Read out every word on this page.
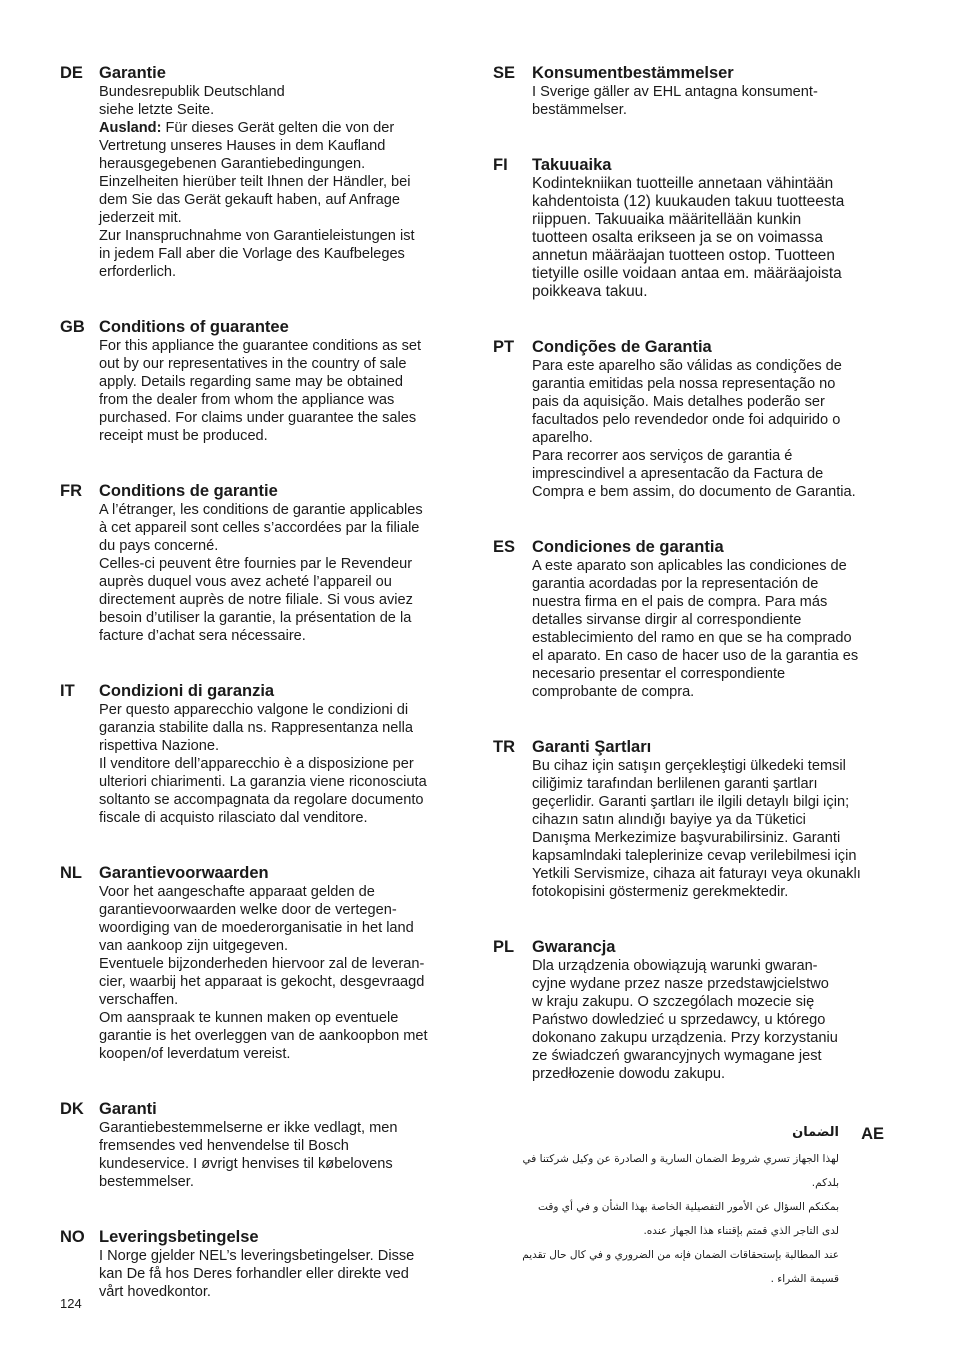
DE Garantie
Bundesrepublik Deutschland
siehe letzte Seite.
Ausland: Für dieses Gerät gelten die von der
Vertretung unseres Hauses in dem Kaufland
herausgegebenen Garantiebedingungen.
Einzelheiten hierüber teilt Ihnen der Händler, bei
dem Sie das Gerät gekauft haben, auf Anfrage
jederzeit mit.
Zur Inanspruchnahme von Garantieleistungen ist
in jedem Fall aber die Vorlage des Kaufbeleges
erforderlich.
GB Conditions of guarantee
For this appliance the guarantee conditions as set
out by our representatives in the country of sale
apply. Details regarding same may be obtained
from the dealer from whom the appliance was
purchased. For claims under guarantee the sales
receipt must be produced.
FR Conditions de garantie
A l’étranger, les conditions de garantie applicables
à cet appareil sont celles s’accordées par la filiale
du pays concerné.
Celles-ci peuvent être fournies par le Revendeur
auprès duquel vous avez acheté l’appareil ou
directement auprès de notre filiale. Si vous aviez
besoin d’utiliser la garantie, la présentation de la
facture d’achat sera nécessaire.
IT Condizioni di garanzia
Per questo apparecchio valgone le condizioni di
garanzia stabilite dalla ns. Rappresentanza nella
rispettiva Nazione.
Il venditore dell’apparecchio è a disposizione per
ulteriori chiarimenti. La garanzia viene riconosciuta
soltanto se accompagnata da regolare documento
fiscale di acquisto rilasciato dal venditore.
NL Garantievoorwaarden
Voor het aangeschafte apparaat gelden de
garantievoorwaarden welke door de vertegen-
woordiging van de moederorganisatie in het land
van aankoop zijn uitgegeven.
Eventuele bijzonderheden hiervoor zal de leveran-
cier, waarbij het apparaat is gekocht, desgevraagd
verschaffen.
Om aanspraak te kunnen maken op eventuele
garantie is het overleggen van de aankoopbon met
koopen/of leverdatum vereist.
DK Garanti
Garantiebestemmelserne er ikke vedlagt, men
fremsendes ved henvendelse til Bosch
kundeservice. I øvrigt henvises til købelovens
bestemmelser.
NO Leveringsbetingelse
I Norge gjelder NEL’s leveringsbetingelser. Disse
kan De få hos Deres forhandler eller direkte ved
vårt hovedkontor.
SE Konsumentbestämmelser
I Sverige gäller av EHL antagna konsument-
bestämmelser.
FI Takuuaika
Kodintekniikan tuotteille annetaan vähintään
kahdentoista (12) kuukauden takuu tuotteesta
riippuen. Takuuaika määritellään kunkin
tuotteen osalta erikseen ja se on voimassa
annetun määräajan tuotteen ostop. Tuotteen
tietyille osille voidaan antaa em. määräajoista
poikkeava takuu.
PT Condições de Garantia
Para este aparelho são válidas as condições de
garantia emitidas pela nossa representação no
pais da aquisição. Mais detalhes poderão ser
facultados pelo revendedor onde foi adquirido o
aparelho.
Para recorrer aos serviços de garantia é
imprescindivel a apresentacão da Factura de
Compra e bem assim, do documento de Garantia.
ES Condiciones de garantia
A este aparato son aplicables las condiciones de
garantia acordadas por la representación de
nuestra firma en el pais de compra. Para más
detalles sirvanse dirgir al correspondiente
establecimiento del ramo en que se ha comprado
el aparato. En caso de hacer uso de la garantia es
necesario presentar el correspondiente
comprobante de compra.
TR Garanti Şartları
Bu cihaz için satışın gerçekleştigi ülkedeki temsil
ciliğimiz tarafından berlilenen garanti şartları
geçerlidir. Garanti şartları ile ilgili detaylı bilgi için;
cihazın satın alındığı bayiye ya da Tüketici
Danışma Merkezimize başvurabilirsiniz. Garanti
kapsamlndaki taleplerinize cevap verilebilmesi için
Yetkili Servismize, cihaza ait faturayı veya okunaklı
fotokopisini göstermeniz gerekmektedir.
PL Gwarancja
Dla urządzenia obowiązują warunki gwaran-
cyjne wydane przez nasze przedstawjcielstwo
w kraju zakupu. O szczególach mo̵zecie się
Państwo dowledzieć u sprzedawcy, u którego
dokonano zakupu urządzenia. Przy korzystaniu
ze świadczeń gwarancyjnych wymagane jest
przedło̵zenie dowodu zakupu.
AE
الضمان
لهذا الجهاز تسري شروط الضمان السارية و الصادرة عن وكيل شركتنا في
بلدكم.
بمكنكم السؤال عن الأمور التفصيلية الخاصة بهذا الشأن و في أي وقت
لدى التاجر الذي قمتم بإقتناء هذا الجهاز عنده.
عند المطالبة بإستحقاقات الضمان فإنه من الضروري و في كال حال تقديم
قسيمة الشراء .
124
